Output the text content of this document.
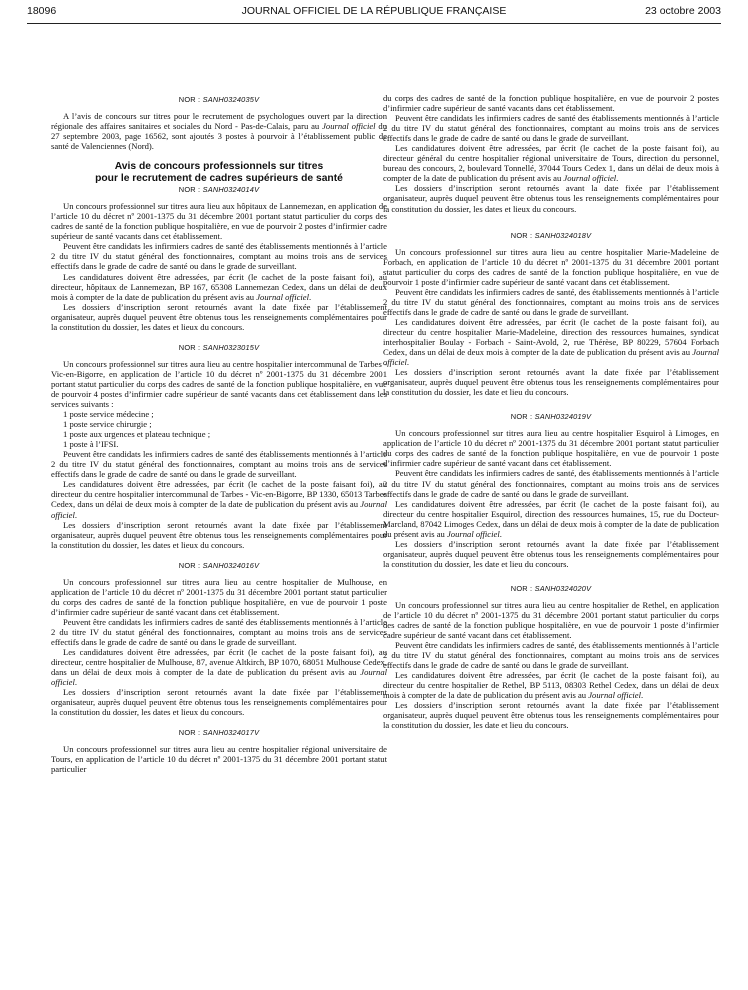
18096	JOURNAL OFFICIEL DE LA RÉPUBLIQUE FRANÇAISE	23 octobre 2003
NOR : SANH0324035V

A l’avis de concours sur titres pour le recrutement de psychologues ouvert par la direction régionale des affaires sanitaires et sociales du Nord - Pas-de-Calais, paru au Journal officiel du 27 septembre 2003, page 16562, sont ajoutés 3 postes à pourvoir à l’établissement public de santé de Valenciennes (Nord).

Avis de concours professionnels sur titres
pour le recrutement de cadres supérieurs de santé
NOR : SANH0324014V

Un concours professionnel sur titres aura lieu aux hôpitaux de Lannemezan, en application de l’article 10 du décret nº 2001-1375 du 31 décembre 2001 portant statut particulier du corps des cadres de santé de la fonction publique hospitalière, en vue de pourvoir 2 postes d’infirmier cadre supérieur de santé vacants dans cet établissement.

Peuvent être candidats les infirmiers cadres de santé des établissements mentionnés à l’article 2 du titre IV du statut général des fonctionnaires, comptant au moins trois ans de services effectifs dans le grade de cadre de santé ou dans le grade de surveillant.

Les candidatures doivent être adressées, par écrit (le cachet de la poste faisant foi), au directeur, hôpitaux de Lannemezan, BP 167, 65308 Lannemezan Cedex, dans un délai de deux mois à compter de la date de publication du présent avis au Journal officiel.

Les dossiers d’inscription seront retournés avant la date fixée par l’établissement organisateur, auprès duquel peuvent être obtenus tous les renseignements complémentaires pour la constitution du dossier, les dates et lieux du concours.

NOR : SANH0323015V

Un concours professionnel sur titres aura lieu au centre hospitalier intercommunal de Tarbes - Vic-en-Bigorre, en application de l’article 10 du décret nº 2001-1375 du 31 décembre 2001 portant statut particulier du corps des cadres de santé de la fonction publique hospitalière, en vue de pourvoir 4 postes d’infirmier cadre supérieur de santé vacants dans cet établissement dans les services suivants :

1 poste service médecine ;

1 poste service chirurgie ;

1 poste aux urgences et plateau technique ;

1 poste à l’IFSI.

Peuvent être candidats les infirmiers cadres de santé des établissements mentionnés à l’article 2 du titre IV du statut général des fonctionnaires, comptant au moins trois ans de services effectifs dans le grade de cadre de santé ou dans le grade de surveillant.

Les candidatures doivent être adressées, par écrit (le cachet de la poste faisant foi), au directeur du centre hospitalier intercommunal de Tarbes - Vic-en-Bigorre, BP 1330, 65013 Tarbes Cedex, dans un délai de deux mois à compter de la date de publication du présent avis au Journal officiel.

Les dossiers d’inscription seront retournés avant la date fixée par l’établissement organisateur, auprès duquel peuvent être obtenus tous les renseignements complémentaires pour la constitution du dossier, les dates et lieux du concours.

NOR : SANH0324016V

Un concours professionnel sur titres aura lieu au centre hospitalier de Mulhouse, en application de l’article 10 du décret nº 2001-1375 du 31 décembre 2001 portant statut particulier du corps des cadres de santé de la fonction publique hospitalière, en vue de pourvoir 1 poste d’infirmier cadre supérieur de santé vacant dans cet établissement.

Peuvent être candidats les infirmiers cadres de santé des établissements mentionnés à l’article 2 du titre IV du statut général des fonctionnaires, comptant au moins trois ans de services effectifs dans le grade de cadre de santé ou dans le grade de surveillant.

Les candidatures doivent être adressées, par écrit (le cachet de la poste faisant foi), au directeur, centre hospitalier de Mulhouse, 87, avenue Altkirch, BP 1070, 68051 Mulhouse Cedex, dans un délai de deux mois à compter de la date de publication du présent avis au Journal officiel.

Les dossiers d’inscription seront retournés avant la date fixée par l’établissement organisateur, auprès duquel peuvent être obtenus tous les renseignements complémentaires pour la constitution du dossier, les dates et lieux du concours.

NOR : SANH0324017V

Un concours professionnel sur titres aura lieu au centre hospitalier régional universitaire de Tours, en application de l’article 10 du décret nº 2001-1375 du 31 décembre 2001 portant statut particulier

du corps des cadres de santé de la fonction publique hospitalière, en vue de pourvoir 2 postes d’infirmier cadre supérieur de santé vacants dans cet établissement.

Peuvent être candidats les infirmiers cadres de santé des établissements mentionnés à l’article 2 du titre IV du statut général des fonctionnaires, comptant au moins trois ans de services effectifs dans le grade de cadre de santé ou dans le grade de surveillant.

Les candidatures doivent être adressées, par écrit (le cachet de la poste faisant foi), au directeur général du centre hospitalier régional universitaire de Tours, direction du personnel, bureau des concours, 2, boulevard Tonnellé, 37044 Tours Cedex 1, dans un délai de deux mois à compter de la date de publication du présent avis au Journal officiel.

Les dossiers d’inscription seront retournés avant la date fixée par l’établissement organisateur, auprès duquel peuvent être obtenus tous les renseignements complémentaires pour la constitution du dossier, les dates et lieux du concours.

NOR : SANH0324018V

Un concours professionnel sur titres aura lieu au centre hospitalier Marie-Madeleine de Forbach, en application de l’article 10 du décret nº 2001-1375 du 31 décembre 2001 portant statut particulier du corps des cadres de santé de la fonction publique hospitalière, en vue de pourvoir 1 poste d’infirmier cadre supérieur de santé vacant dans cet établissement.

Peuvent être candidats les infirmiers cadres de santé, des établissements mentionnés à l’article 2 du titre IV du statut général des fonctionnaires, comptant au moins trois ans de services effectifs dans le grade de cadre de santé ou dans le grade de surveillant.

Les candidatures doivent être adressées, par écrit (le cachet de la poste faisant foi), au directeur du centre hospitalier Marie-Madeleine, direction des ressources humaines, syndicat interhospitalier Boulay - Forbach - Saint-Avold, 2, rue Thérèse, BP 80229, 57604 Forbach Cedex, dans un délai de deux mois à compter de la date de publication du présent avis au Journal officiel.

Les dossiers d’inscription seront retournés avant la date fixée par l’établissement organisateur, auprès duquel peuvent être obtenus tous les renseignements complémentaires pour la constitution du dossier, les date et lieu du concours.

NOR : SANH0324019V

Un concours professionnel sur titres aura lieu au centre hospitalier Esquirol à Limoges, en application de l’article 10 du décret nº 2001-1375 du 31 décembre 2001 portant statut particulier du corps des cadres de santé de la fonction publique hospitalière, en vue de pourvoir 1 poste d’infirmier cadre supérieur de santé vacant dans cet établissement.

Peuvent être candidats les infirmiers cadres de santé, des établissements mentionnés à l’article 2 du titre IV du statut général des fonctionnaires, comptant au moins trois ans de services effectifs dans le grade de cadre de santé ou dans le grade de surveillant.

Les candidatures doivent être adressées, par écrit (le cachet de la poste faisant foi), au directeur du centre hospitalier Esquirol, direction des ressources humaines, 15, rue du Docteur-Marcland, 87042 Limoges Cedex, dans un délai de deux mois à compter de la date de publication du présent avis au Journal officiel.

Les dossiers d’inscription seront retournés avant la date fixée par l’établissement organisateur, auprès duquel peuvent être obtenus tous les renseignements complémentaires pour la constitution du dossier, les date et lieu du concours.

NOR : SANH0324020V

Un concours professionnel sur titres aura lieu au centre hospitalier de Rethel, en application de l’article 10 du décret nº 2001-1375 du 31 décembre 2001 portant statut particulier du corps des cadres de santé de la fonction publique hospitalière, en vue de pourvoir 1 poste d’infirmier cadre supérieur de santé vacant dans cet établissement.

Peuvent être candidats les infirmiers cadres de santé, des établissements mentionnés à l’article 2 du titre IV du statut général des fonctionnaires, comptant au moins trois ans de services effectifs dans le grade de cadre de santé ou dans le grade de surveillant.

Les candidatures doivent être adressées, par écrit (le cachet de la poste faisant foi), au directeur du centre hospitalier de Rethel, BP 5113, 08303 Rethel Cedex, dans un délai de deux mois à compter de la date de publication du présent avis au Journal officiel.

Les dossiers d’inscription seront retournés avant la date fixée par l’établissement organisateur, auprès duquel peuvent être obtenus tous les renseignements complémentaires pour la constitution du dossier, les date et lieu du concours.
